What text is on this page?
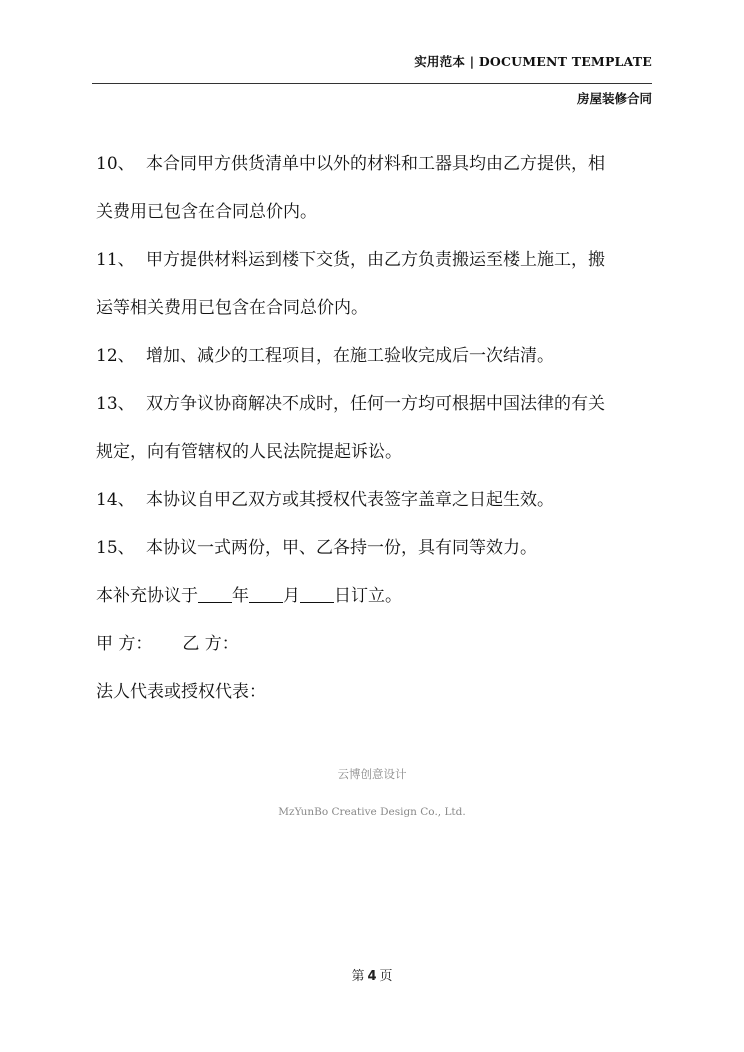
实用范本 | DOCUMENT TEMPLATE
房屋装修合同

10、 本合同甲方供货清单中以外的材料和工器具均由乙方提供，相

关费用已包含在合同总价内。

11、 甲方提供材料运到楼下交货，由乙方负责搬运至楼上施工，搬

运等相关费用已包含在合同总价内。

12、 增加、减少的工程项目，在施工验收完成后一次结清。

13、 双方争议协商解决不成时，任何一方均可根据中国法律的有关

规定，向有管辖权的人民法院提起诉讼。

14、 本协议自甲乙双方或其授权代表签字盖章之日起生效。

15、 本协议一式两份，甲、乙各持一份，具有同等效力。

本补充协议于 年 月 日订立。

甲 方： 乙 方：

法人代表或授权代表：

云博创意设计
MzYunBo Creative Design Co., Ltd.
第 4 页
